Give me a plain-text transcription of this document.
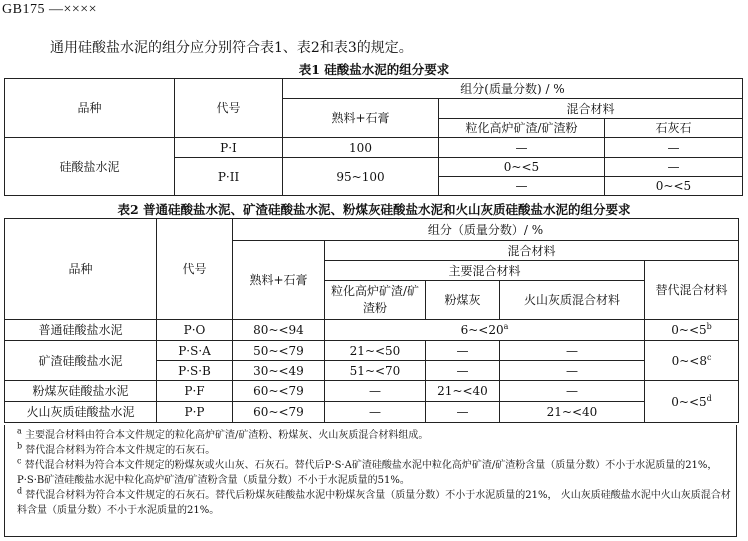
GB175 —××××
通用硅酸盐水泥的组分应分别符合表1、表2和表3的规定。
表1 硅酸盐水泥的组分要求
品种	代号	组分(质量分数) / %		
		熟料+石膏	混合材料	
			粒化高炉矿渣/矿渣粉	石灰石
硅酸盐水泥	P·I	100	—	—
	P·II	95~100	0~<5	—
			—	0~<5
表2 普通硅酸盐水泥、矿渣硅酸盐水泥、粉煤灰硅酸盐水泥和火山灰质硅酸盐水泥的组分要求
品种	代号	组分（质量分数）/ %				
		熟料+石膏	混合材料			
			主要混合材料			替代混合材料
			粒化高炉矿渣/矿渣粉	粉煤灰	火山灰质混合材料	
普通硅酸盐水泥	P·O	80~<94	$6\sim<20^a$			$0\sim<5^b$
矿渣硅酸盐水泥	P·S·A	50~<79	21~<50	—	—	$0\sim<8^c$
	P·S·B	30~<49	51~<70	—	—	
粉煤灰硅酸盐水泥	P·F	60~<79	—	21~<40	—	$0\sim<5^d$
火山灰质硅酸盐水泥	P·P	60~<79	—	—	21~<40	

$^a$ 主要混合材料由符合本文件规定的粒化高炉矿渣/矿渣粉、粉煤灰、火山灰质混合材料组成。

$^b$ 替代混合材料为符合本文件规定的石灰石。

$^c$ 替代混合材料为符合本文件规定的粉煤灰或火山灰、石灰石。替代后P·S·A矿渣硅酸盐水泥中粒化高炉矿渣/矿渣粉含量（质量分数）不小于水泥质量的21%， P·S·B矿渣硅酸盐水泥中粒化高炉矿渣/矿渣粉含量（质量分数）不小于水泥质量的51%。

$^d$ 替代混合材料为符合本文件规定的石灰石。替代后粉煤灰硅酸盐水泥中粉煤灰含量（质量分数）不小于水泥质量的21%， 火山灰质硅酸盐水泥中火山灰质混合材料含量（质量分数）不小于水泥质量的21%。
